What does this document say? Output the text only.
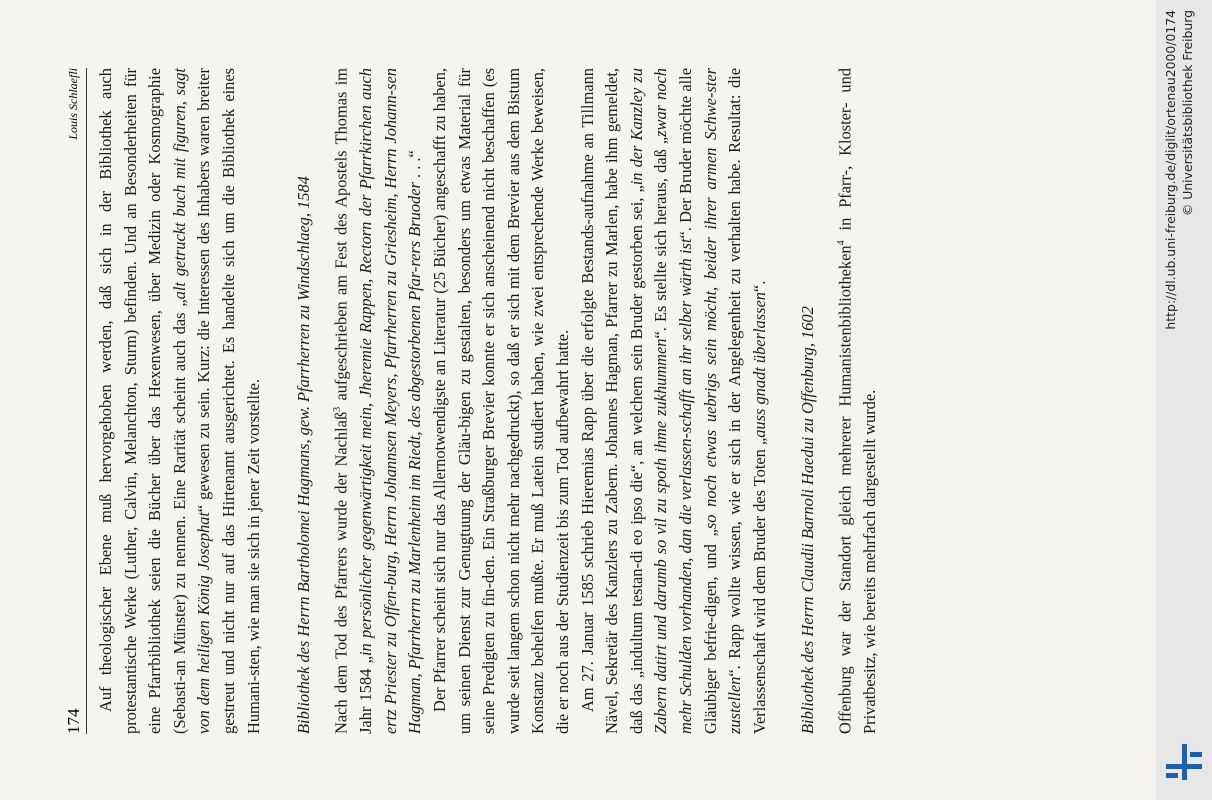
174
Louis Schlaefli Auf theologischer Ebene muß hervorgehoben werden, daß sich in der Bibliothek auch protestantische Werke (Luther, Calvin, Melanchton, Sturm) befinden. Und an Besonderheiten für eine Pfarrbibliothek seien die Bücher über das Hexenwesen, über Medizin oder Kosmographie (Sebasti-an Münster) zu nennen. Eine Rarität scheint auch das „alt getruckt buch mit figuren, sagt von dem heiligen König Josephat“ gewesen zu sein. Kurz: die Interessen des Inhabers waren breiter gestreut und nicht nur auf das Hirtenamt ausgerichtet. Es handelte sich um die Bibliothek eines Humani-sten, wie man sie sich in jener Zeit vorstellte. Bibliothek des Herrn Bartholomei Hagmans, gew. Pfarrherren zu Windschlaeg, 1584	Nach dem Tod des Pfarrers wurde der Nachlaß$^3$ aufgeschrieben am Fest des Apostels Thomas im Jahr 1584 „in persönlicher gegenwärtigkeit mein, Jheremie Rappen, Rectorn der Pfarrkirchen auch ertz Priester zu Offen-burg, Herrn Johannsen Meyers, Pfarrherren zu Griesheim, Herrn Johann-sen Hagman, Pfarrherrn zu Marlenheim im Riedt, des abgestorbenen Pfar-rers Bruoder . . .“ Der Pfarrer scheint sich nur das Allernotwendigste an Literatur (25 Bücher) angeschafft zu haben, um seinen Dienst zur Genugtuung der Gläu-bigen zu gestalten, besonders um etwas Material für seine Predigten zu fin-den. Ein Straßburger Brevier konnte er sich anscheinend nicht beschaffen (es wurde seit langem schon nicht mehr nachgedruckt), so daß er sich mit dem Brevier aus dem Bistum Konstanz behelfen mußte. Er muß Latein studiert haben, wie zwei entsprechende Werke beweisen, die er noch aus der Studienzeit bis zum Tod aufbewahrt hatte. Am 27. Januar 1585 schrieb Hieremias Rapp über die erfolgte Bestands-aufnahme an Tillmann Nävel, Sekretär des Kanzlers zu Zabern. Johannes Hagman, Pfarrer zu Marlen, habe ihm gemeldet, daß das „indultum testan-di eo ipso die“, an welchem sein Bruder gestorben sei, „in der Kanzley zu Zabern datirt und darumb so vil zu spoth ihme zukhummen“. Es stellte sich heraus, daß „zwar noch mehr Schulden vorhanden, dan die verlassen-schafft an ihr selber wärth ist“. Der Bruder möchte alle Gläubiger befrie-digen, und „so noch etwas uebrigs sein möcht, beider ihrer armen Schwe-ster zustellen“. Rapp wollte wissen, wie er sich in der Angelegenheit zu verhalten habe. Resultat: die Verlassenschaft wird dem Bruder des Toten „auss gnadt überlassen“.

Bibliothek des Herrn Claudii Barnoli Haedui zu Offenburg, 1602	Offenburg war der Standort gleich mehrerer Humanistenbibliotheken$^4$ in Pfarr-, Kloster- und Privatbesitz, wie bereits mehrfach dargestellt wurde.

http://dl.ub.uni-freiburg.de/diglit/ortenau2000/0174 © Universitätsbibliothek Freiburg
